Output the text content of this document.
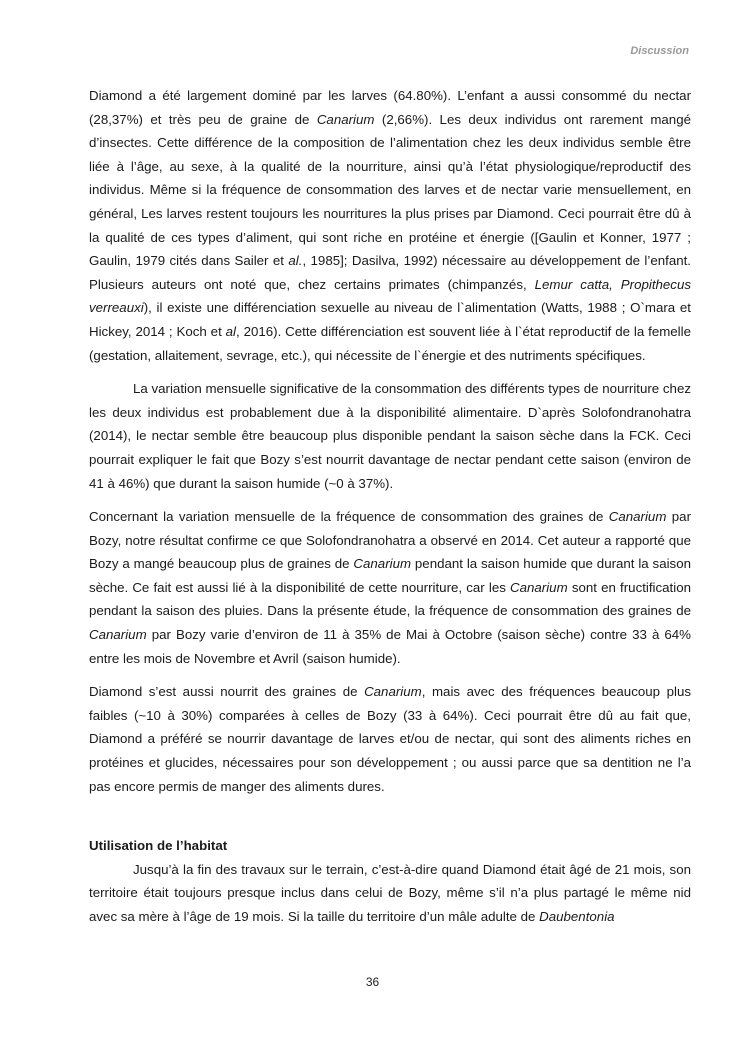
Discussion

Diamond a été largement dominé par les larves (64.80%). L’enfant a aussi consommé du nectar (28,37%) et très peu de graine de Canarium (2,66%). Les deux individus ont rarement mangé d’insectes. Cette différence de la composition de l’alimentation chez les deux individus semble être liée à l’âge, au sexe, à la qualité de la nourriture, ainsi qu’à l’état physiologique/reproductif des individus. Même si la fréquence de consommation des larves et de nectar varie mensuellement, en général, Les larves restent toujours les nourritures la plus prises par Diamond. Ceci pourrait être dû à la qualité de ces types d’aliment, qui sont riche en protéine et énergie ([Gaulin et Konner, 1977 ; Gaulin, 1979 cités dans Sailer et al., 1985]; Dasilva, 1992) nécessaire au développement de l’enfant. Plusieurs auteurs ont noté que, chez certains primates (chimpanzés, Lemur catta, Propithecus verreauxi), il existe une différenciation sexuelle au niveau de l`alimentation (Watts, 1988 ; O`mara et Hickey, 2014 ; Koch et al, 2016). Cette différenciation est souvent liée à l`état reproductif de la femelle (gestation, allaitement, sevrage, etc.), qui nécessite de l`énergie et des nutriments spécifiques.

La variation mensuelle significative de la consommation des différents types de nourriture chez les deux individus est probablement due à la disponibilité alimentaire. D`après Solofondranohatra (2014), le nectar semble être beaucoup plus disponible pendant la saison sèche dans la FCK. Ceci pourrait expliquer le fait que Bozy s’est nourrit davantage de nectar pendant cette saison (environ de 41 à 46%) que durant la saison humide (~0 à 37%).

Concernant la variation mensuelle de la fréquence de consommation des graines de Canarium par Bozy, notre résultat confirme ce que Solofondranohatra a observé en 2014. Cet auteur a rapporté que Bozy a mangé beaucoup plus de graines de Canarium pendant la saison humide que durant la saison sèche. Ce fait est aussi lié à la disponibilité de cette nourriture, car les Canarium sont en fructification pendant la saison des pluies. Dans la présente étude, la fréquence de consommation des graines de Canarium par Bozy varie d’environ de 11 à 35% de Mai à Octobre (saison sèche) contre 33 à 64% entre les mois de Novembre et Avril (saison humide).

Diamond s’est aussi nourrit des graines de Canarium, mais avec des fréquences beaucoup plus faibles (~10 à 30%) comparées à celles de Bozy (33 à 64%). Ceci pourrait être dû au fait que, Diamond a préféré se nourrir davantage de larves et/ou de nectar, qui sont des aliments riches en protéines et glucides, nécessaires pour son développement ; ou aussi parce que sa dentition ne l’a pas encore permis de manger des aliments dures.

Utilisation de l’habitat

Jusqu’à la fin des travaux sur le terrain, c’est-à-dire quand Diamond était âgé de 21 mois, son territoire était toujours presque inclus dans celui de Bozy, même s’il n’a plus partagé le même nid avec sa mère à l’âge de 19 mois. Si la taille du territoire d’un mâle adulte de Daubentonia

36
